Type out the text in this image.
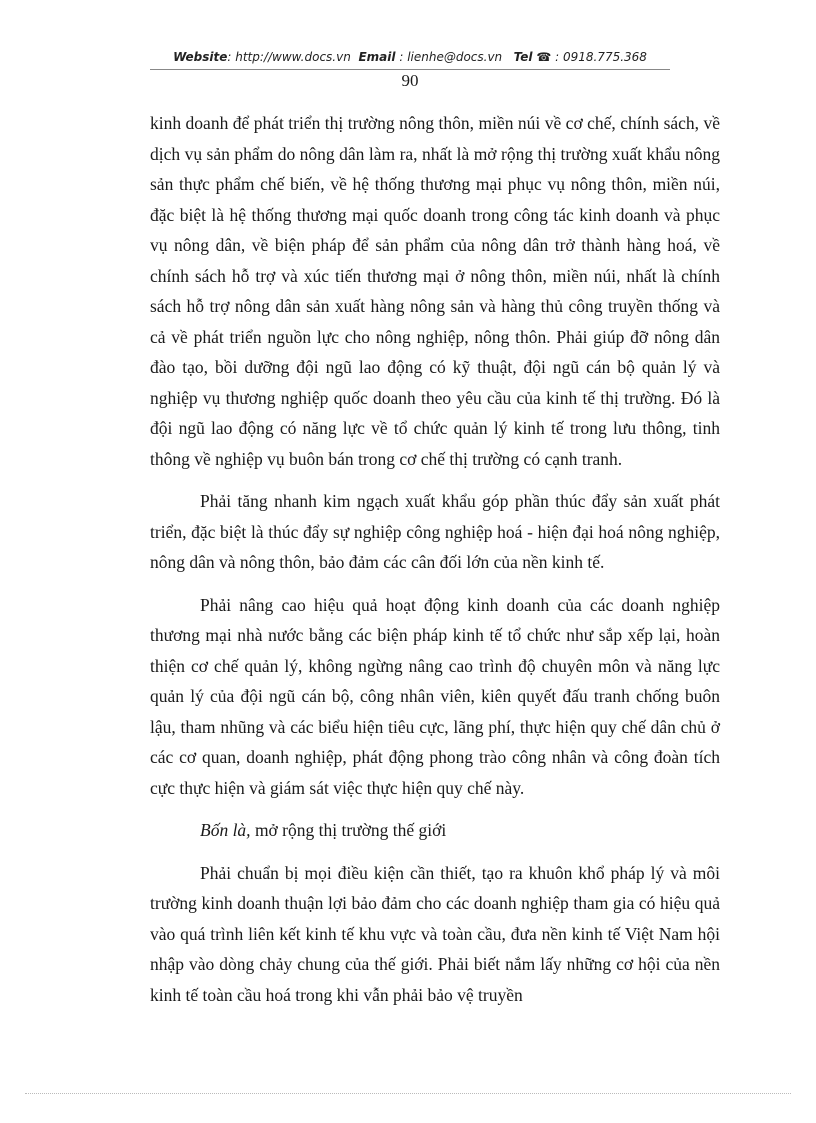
Website: http://www.docs.vn Email : lienhe@docs.vn Tel ☎ : 0918.775.368
90

kinh doanh để phát triển thị trường nông thôn, miền núi về cơ chế, chính sách, về dịch vụ sản phẩm do nông dân làm ra, nhất là mở rộng thị trường xuất khẩu nông sản thực phẩm chế biến, về hệ thống thương mại phục vụ nông thôn, miền núi, đặc biệt là hệ thống thương mại quốc doanh trong công tác kinh doanh và phục vụ nông dân, về biện pháp để sản phẩm của nông dân trở thành hàng hoá, về chính sách hỗ trợ và xúc tiến thương mại ở nông thôn, miền núi, nhất là chính sách hỗ trợ nông dân sản xuất hàng nông sản và hàng thủ công truyền thống và cả về phát triển nguồn lực cho nông nghiệp, nông thôn. Phải giúp đỡ nông dân đào tạo, bồi dưỡng đội ngũ lao động có kỹ thuật, đội ngũ cán bộ quản lý và nghiệp vụ thương nghiệp quốc doanh theo yêu cầu của kinh tế thị trường. Đó là đội ngũ lao động có năng lực về tổ chức quản lý kinh tế trong lưu thông, tinh thông về nghiệp vụ buôn bán trong cơ chế thị trường có cạnh tranh.

Phải tăng nhanh kim ngạch xuất khẩu góp phần thúc đẩy sản xuất phát triển, đặc biệt là thúc đẩy sự nghiệp công nghiệp hoá - hiện đại hoá nông nghiệp, nông dân và nông thôn, bảo đảm các cân đối lớn của nền kinh tế.

Phải nâng cao hiệu quả hoạt động kinh doanh của các doanh nghiệp thương mại nhà nước bằng các biện pháp kinh tế tổ chức như sắp xếp lại, hoàn thiện cơ chế quản lý, không ngừng nâng cao trình độ chuyên môn và năng lực quản lý của đội ngũ cán bộ, công nhân viên, kiên quyết đấu tranh chống buôn lậu, tham nhũng và các biểu hiện tiêu cực, lãng phí, thực hiện quy chế dân chủ ở các cơ quan, doanh nghiệp, phát động phong trào công nhân và công đoàn tích cực thực hiện và giám sát việc thực hiện quy chế này.

Bốn là, mở rộng thị trường thế giới

Phải chuẩn bị mọi điều kiện cần thiết, tạo ra khuôn khổ pháp lý và môi trường kinh doanh thuận lợi bảo đảm cho các doanh nghiệp tham gia có hiệu quả vào quá trình liên kết kinh tế khu vực và toàn cầu, đưa nền kinh tế Việt Nam hội nhập vào dòng chảy chung của thế giới. Phải biết nắm lấy những cơ hội của nền kinh tế toàn cầu hoá trong khi vẫn phải bảo vệ truyền
